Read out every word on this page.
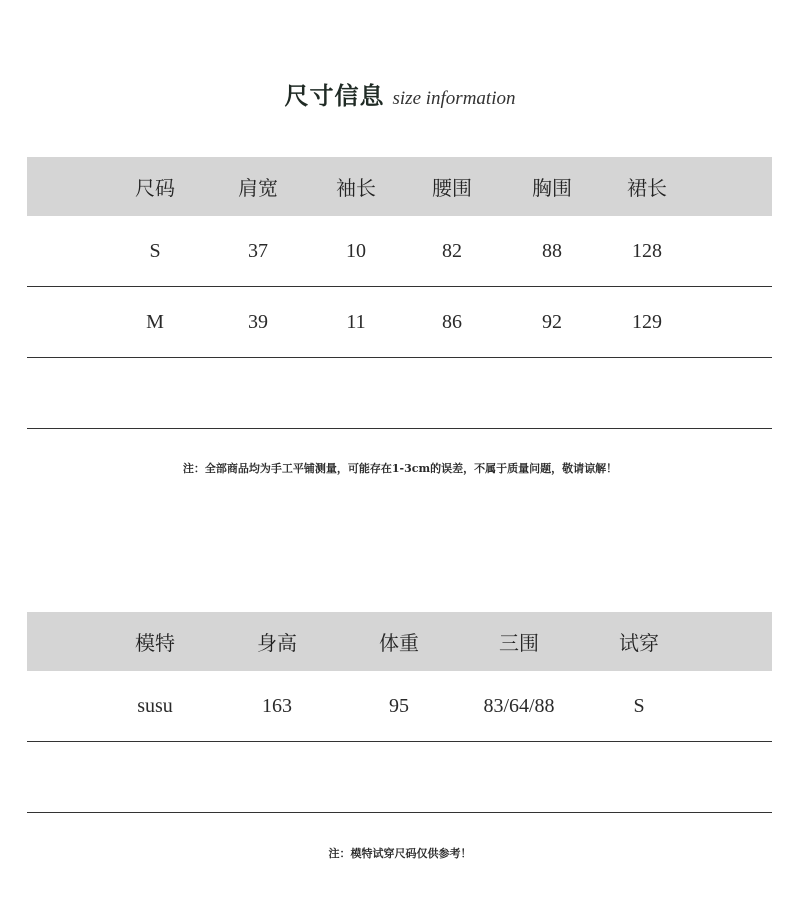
尺寸信息 size information
尺码	肩宽	袖长	腰围	胸围	裙长
S	37	10	82	88	128
M	39	11	86	92	129
注：全部商品均为手工平铺测量，可能存在1-3cm的误差，不属于质量问题，敬请谅解！
模特	身高	体重	三围	试穿
susu	163	95	83/64/88	S
注：模特试穿尺码仅供参考！
